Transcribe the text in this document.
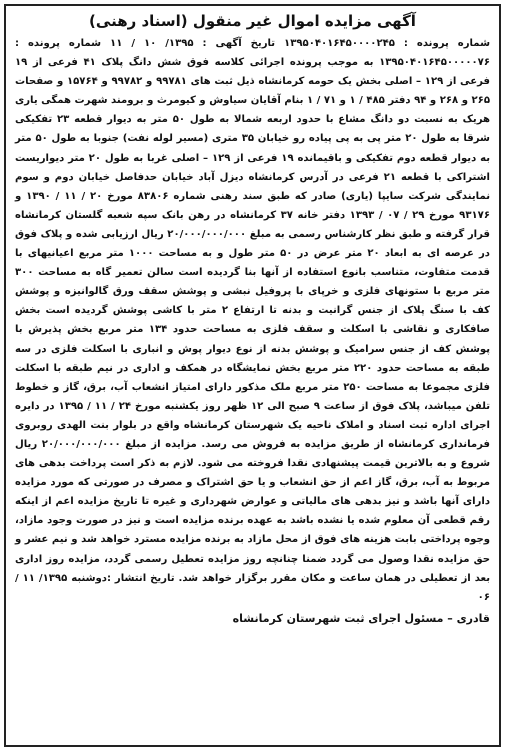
آگهی مزایده اموال غیر منقول (اسناد رهنی)

شماره پرونده : ۱۳۹۵۰۴۰۱۶۴۵۰۰۰۰۲۴۵ تاریخ آگهی : ۱۳۹۵/ ۱۰ / ۱۱ شماره پرونده : ۱۳۹۵۰۴۰۱۶۴۵۰۰۰۰۰۷۶ به موجب پرونده اجرائی کلاسه فوق شش دانگ پلاک ۴۱ فرعی از ۱۹ فرعی از ۱۲۹ – اصلی بخش یک حومه کرمانشاه ذیل ثبت های ۹۹۷۸۱ و ۹۹۷۸۲ و ۱۵۷۶۴ و صفحات ۲۶۵ و ۲۶۸ و ۹۴ دفتر ۴۸۵ / ۱ و ۷۱ / ۱ بنام آقایان سیاوش و کیومرث و برومند شهرت همگی یاری هریک به نسبت دو دانگ مشاع با حدود اربعه شمالا به طول ۵۰ متر به دیوار قطعه ۲۳ تفکیکی شرقا به طول ۲۰ متر پی به پی پیاده رو خیابان ۳۵ متری (مسیر لوله نفت) جنوبا به طول ۵۰ متر به دیوار قطعه دوم تفکیکی و باقیمانده ۱۹ فرعی از ۱۲۹ – اصلی غربا به طول ۲۰ متر دیواریست اشتراکی با قطعه ۲۱ فرعی در آدرس کرمانشاه دیزل آباد خیابان حدفاصل خیابان دوم و سوم نمایندگی شرکت سایپا (یاری) صادر که طبق سند رهنی شماره ۸۳۸۰۶ مورخ ۲۰ / ۱۱ / ۱۳۹۰ و ۹۳۱۷۶ مورخ ۲۹ / ۰۷ / ۱۳۹۳ دفتر خانه ۳۷ کرمانشاه در رهن بانک سپه شعبه گلستان کرمانشاه قرار گرفته و طبق نظر کارشناس رسمی به مبلغ ۲۰/۰۰۰/۰۰۰/۰۰۰ ریال ارزیابی شده و پلاک فوق در عرصه ای به ابعاد ۲۰ متر عرض در ۵۰ متر طول و به مساحت ۱۰۰۰ متر مربع اعیانیهای با قدمت متفاوت، متناسب بانوع استفاده از آنها بنا گردیده است سالن تعمیر گاه به مساحت ۳۰۰ متر مربع با ستونهای فلزی و خرپای با پروفیل نبشی و پوشش سقف ورق گالوانیزه و پوشش کف با سنگ پلاک از جنس گرانیت و بدنه تا ارتفاع ۲ متر با کاشی پوشش گردیده است بخش صافکاری و نقاشی با اسکلت و سقف فلزی به مساحت حدود ۱۳۴ متر مربع بخش پذیرش با پوشش کف از جنس سرامیک و پوشش بدنه از نوع دیوار پوش و انباری با اسکلت فلزی در سه طبقه به مساحت حدود ۲۲۰ متر مربع بخش نمایشگاه در همکف و اداری در نیم طبقه با اسکلت فلزی مجموعا به مساحت ۲۵۰ متر مربع ملک مذکور دارای امتیاز انشعاب آب، برق، گاز و خطوط تلفن میباشد، پلاک فوق از ساعت ۹ صبح الی ۱۲ ظهر روز یکشنبه مورخ ۲۴ / ۱۱ / ۱۳۹۵ در دایره اجرای اداره ثبت اسناد و املاک ناحیه یک شهرستان کرمانشاه واقع در بلوار بنت الهدی روبروی فرمانداری کرمانشاه از طریق مزایده به فروش می رسد. مزایده از مبلغ ۲۰/۰۰۰/۰۰۰/۰۰۰ ریال شروع و به بالاترین قیمت پیشنهادی نقدا فروخته می شود. لازم به ذکر است پرداخت بدهی های مربوط به آب، برق، گاز اعم از حق انشعاب و یا حق اشتراک و مصرف در صورتی که مورد مزایده دارای آنها باشد و نیز بدهی های مالیاتی و عوارض شهرداری و غیره تا تاریخ مزایده اعم از اینکه رقم قطعی آن معلوم شده یا نشده باشد به عهده برنده مزایده است و نیز در صورت وجود مازاد، وجوه پرداختی بابت هزینه های فوق از محل مازاد به برنده مزایده مسترد خواهد شد و نیم عشر و حق مزایده نقدا وصول می گردد ضمنا چنانچه روز مزایده تعطیل رسمی گردد، مزایده روز اداری بعد از تعطیلی در همان ساعت و مکان مقرر برگزار خواهد شد. تاریخ انتشار :دوشنبه ۱۳۹۵/ ۱۱ / ۰۶

قادری – مسئول اجرای ثبت شهرستان کرمانشاه
